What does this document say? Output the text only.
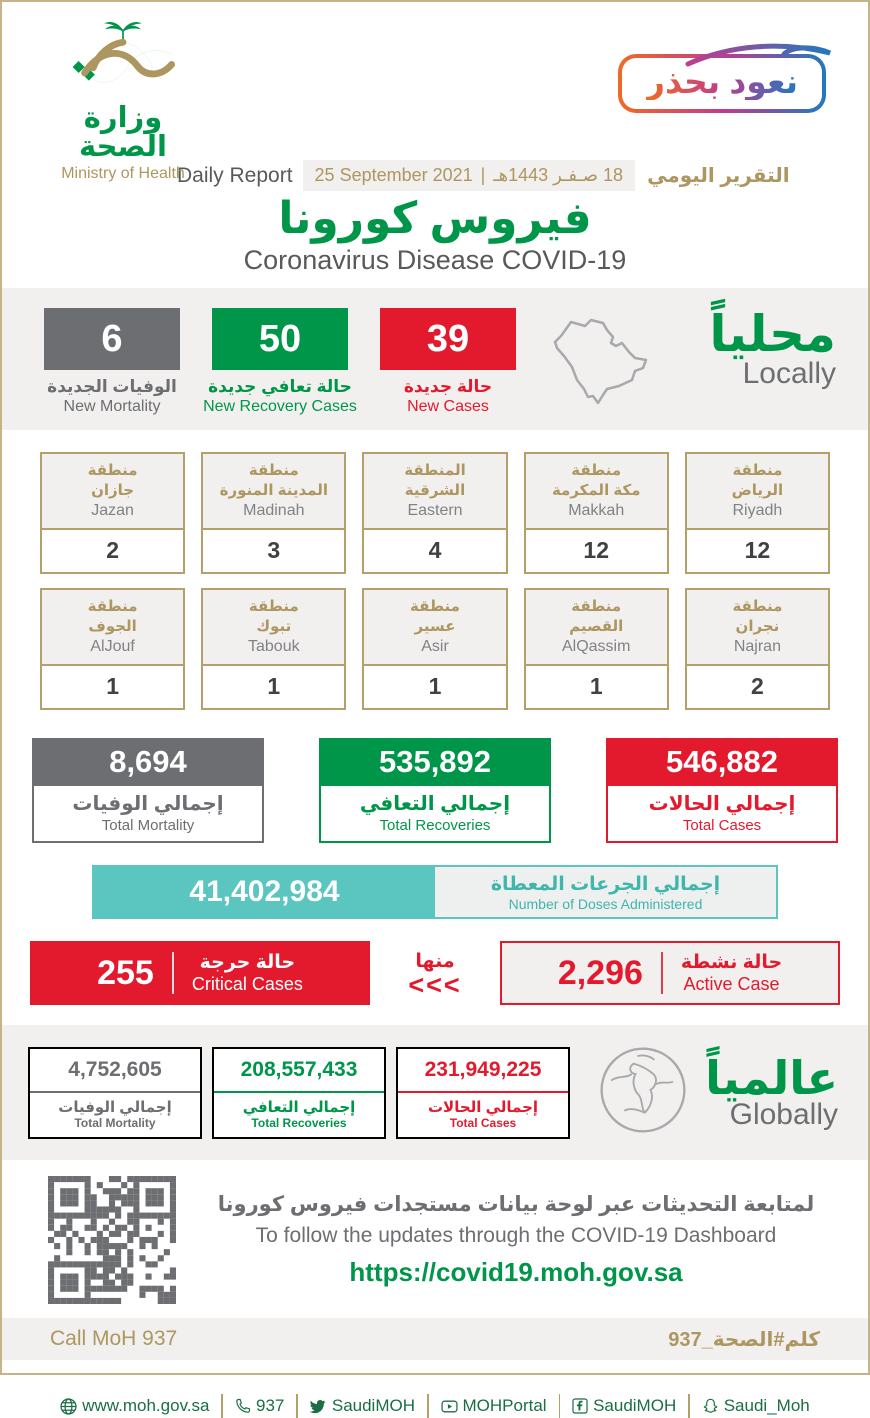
وزارة الصحة
Ministry of Health
نعود بحذر
Daily Report 25 September 2021 | 18 صـفـر 1443هـ التقرير اليومي
فيروس كورونا
Coronavirus Disease COVID-19
6
الوفيات الجديدة
New Mortality
50
حالة تعافي جديدة
New Recovery Cases
39
حالة جديدة
New Cases
محلياً
Locally
منطقة
جازان
Jazan
2
منطقة
المدينة المنورة
Madinah
3
المنطقة
الشرقية
Eastern
4
منطقة
مكة المكرمة
Makkah
12
منطقة
الرياض
Riyadh
12
منطقة
الجوف
AlJouf
1
منطقة
تبوك
Tabouk
1
منطقة
عسير
Asir
1
منطقة
القصيم
AlQassim
1
منطقة
نجران
Najran
2
8,694
إجمالي الوفيات
Total Mortality
535,892
إجمالي التعافي
Total Recoveries
546,882
إجمالي الحالات
Total Cases
41,402,984	إجمالي الجرعات المعطاة
Number of Doses Administered
255	حالة حرجة
Critical Cases
منها
<<<	2,296 حالة نشطة
Active Case
4,752,605
إجمالي الوفيات
Total Mortality
208,557,433
إجمالي التعافي
Total Recoveries
231,949,225
إجمالي الحالات
Total Cases
عالمياً
Globally
لمتابعة التحديثات عبر لوحة بيانات مستجدات فيروس كورونا
To follow the updates through the COVID-19 Dashboard
https://covid19.moh.gov.sa
Call MoH 937	كلم#الصحة_937
www.moh.gov.sa	937	SaudiMOH	MOHPortal	SaudiMOH	Saudi_Moh
